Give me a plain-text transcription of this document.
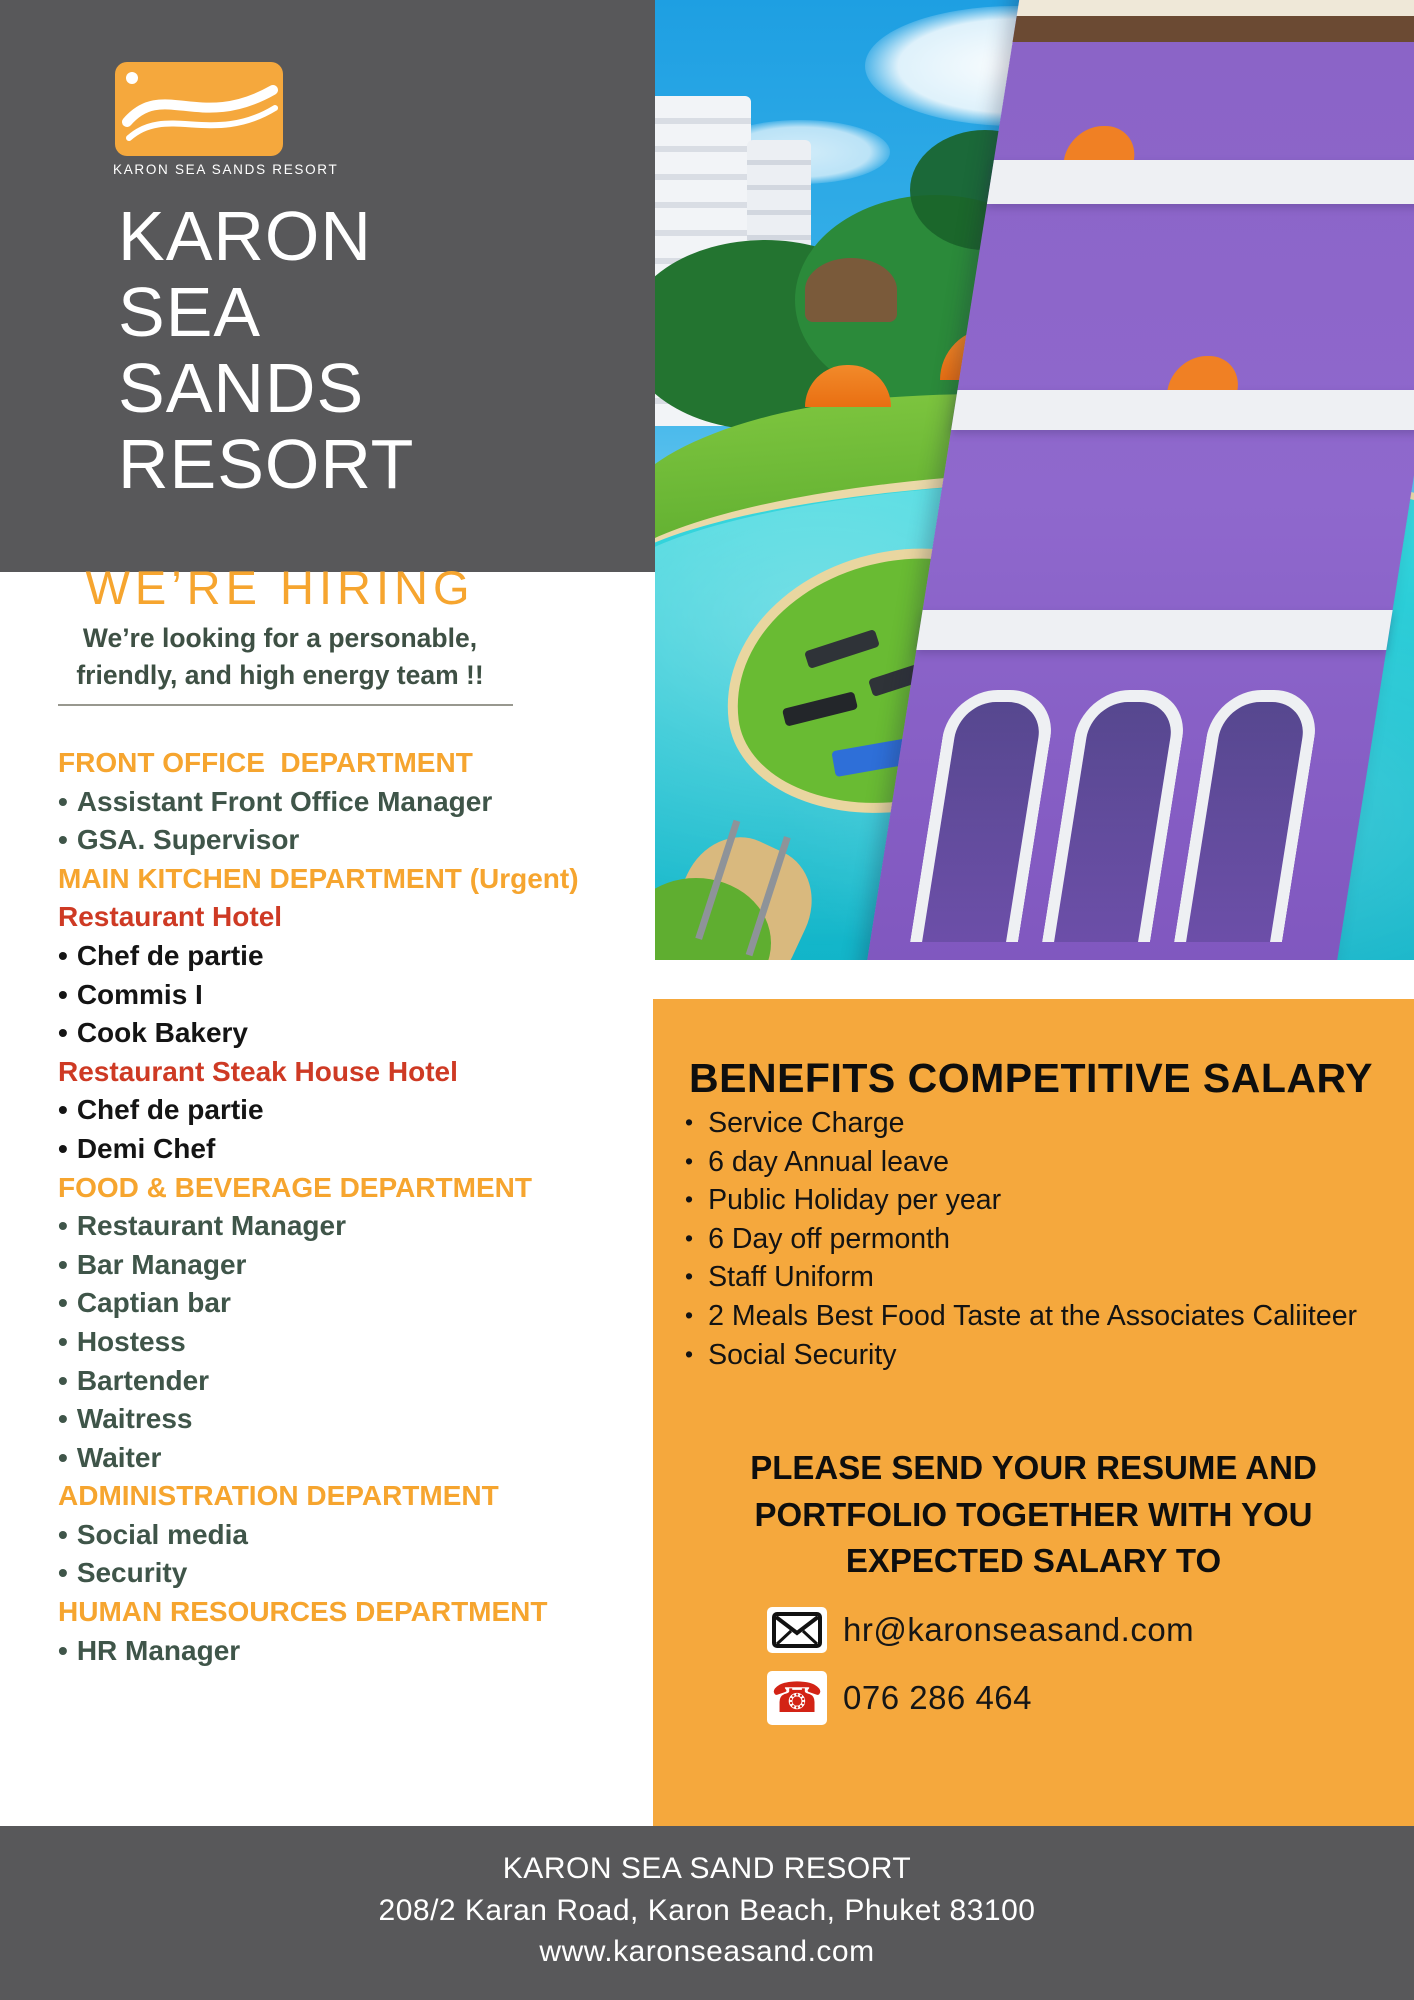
KARON SEA SANDS RESORT
KARON
SEA
SANDS
RESORT
WE’RE HIRING
We’re looking for a personable,
friendly, and high energy team !!
FRONT OFFICE  DEPARTMENT
• Assistant Front Office Manager
• GSA. Supervisor
MAIN KITCHEN DEPARTMENT (Urgent)
Restaurant Hotel
• Chef de partie
• Commis I
• Cook Bakery
Restaurant Steak House Hotel
• Chef de partie
• Demi Chef
FOOD & BEVERAGE DEPARTMENT
• Restaurant Manager
• Bar Manager
• Captian bar
• Hostess
• Bartender
• Waitress
• Waiter
ADMINISTRATION DEPARTMENT
• Social media
• Security
HUMAN RESOURCES DEPARTMENT
• HR Manager
BENEFITS COMPETITIVE SALARY
• Service Charge
• 6 day Annual leave
• Public Holiday per year
• 6 Day off permonth
• Staff Uniform
• 2 Meals Best Food Taste at the Associates Caliiteer
• Social Security
PLEASE SEND YOUR RESUME AND
PORTFOLIO TOGETHER WITH YOU
EXPECTED SALARY TO
hr@karonseasand.com
☎ 076 286 464
KARON SEA SAND RESORT
208/2 Karan Road, Karon Beach, Phuket 83100
www.karonseasand.com
